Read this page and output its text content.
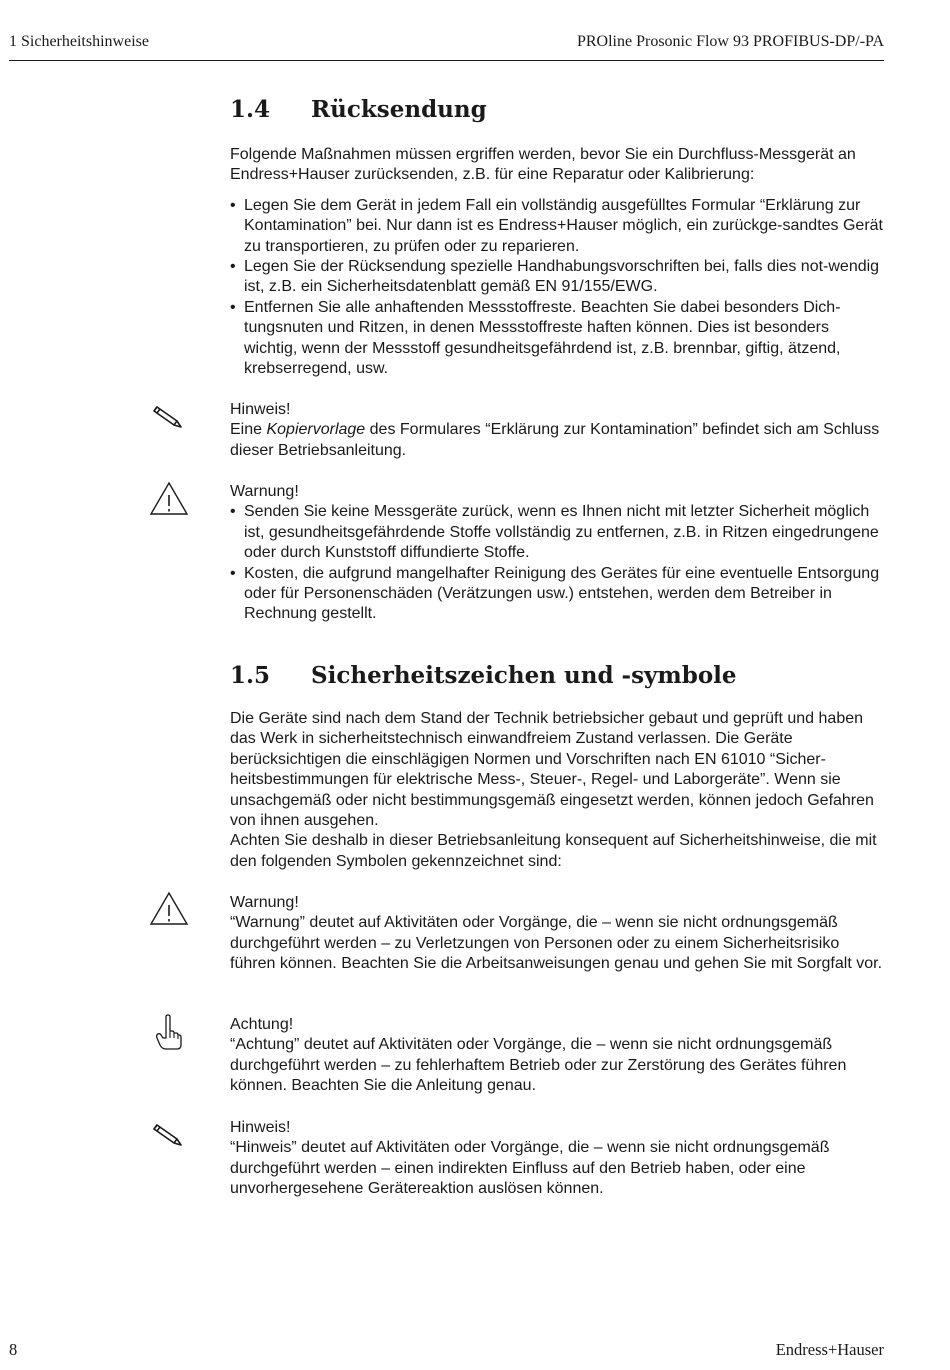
1 Sicherheitshinweise	PROline Prosonic Flow 93 PROFIBUS-DP/-PA
1.4 Rücksendung

Folgende Maßnahmen müssen ergriffen werden, bevor Sie ein Durchfluss-Messgerät an Endress+Hauser zurücksenden, z.B. für eine Reparatur oder Kalibrierung:

• Legen Sie dem Gerät in jedem Fall ein vollständig ausgefülltes Formular “Erklärung zur Kontamination” bei. Nur dann ist es Endress+Hauser möglich, ein zurückge-sandtes Gerät zu transportieren, zu prüfen oder zu reparieren.
• Legen Sie der Rücksendung spezielle Handhabungsvorschriften bei, falls dies not-wendig ist, z.B. ein Sicherheitsdatenblatt gemäß EN 91/155/EWG.
• Entfernen Sie alle anhaftenden Messstoffreste. Beachten Sie dabei besonders Dich-tungsnuten und Ritzen, in denen Messstoffreste haften können. Dies ist besonders wichtig, wenn der Messstoff gesundheitsgefährdend ist, z.B. brennbar, giftig, ätzend, krebserregend, usw.

Hinweis!

Eine Kopiervorlage des Formulares “Erklärung zur Kontamination” befindet sich am Schluss dieser Betriebsanleitung.

Warnung!

• Senden Sie keine Messgeräte zurück, wenn es Ihnen nicht mit letzter Sicherheit möglich ist, gesundheitsgefährdende Stoffe vollständig zu entfernen, z.B. in Ritzen eingedrungene oder durch Kunststoff diffundierte Stoffe.
• Kosten, die aufgrund mangelhafter Reinigung des Gerätes für eine eventuelle Entsorgung oder für Personenschäden (Verätzungen usw.) entstehen, werden dem Betreiber in Rechnung gestellt.
1.5 Sicherheitszeichen und -symbole

Die Geräte sind nach dem Stand der Technik betriebsicher gebaut und geprüft und haben das Werk in sicherheitstechnisch einwandfreiem Zustand verlassen. Die Geräte berücksichtigen die einschlägigen Normen und Vorschriften nach EN 61010 “Sicher-heitsbestimmungen für elektrische Mess-, Steuer-, Regel- und Laborgeräte”. Wenn sie unsachgemäß oder nicht bestimmungsgemäß eingesetzt werden, können jedoch Gefahren von ihnen ausgehen.

Achten Sie deshalb in dieser Betriebsanleitung konsequent auf Sicherheitshinweise, die mit den folgenden Symbolen gekennzeichnet sind:

Warnung!

“Warnung” deutet auf Aktivitäten oder Vorgänge, die – wenn sie nicht ordnungsgemäß durchgeführt werden – zu Verletzungen von Personen oder zu einem Sicherheitsrisiko führen können. Beachten Sie die Arbeitsanweisungen genau und gehen Sie mit Sorgfalt vor.

Achtung!

“Achtung” deutet auf Aktivitäten oder Vorgänge, die – wenn sie nicht ordnungsgemäß durchgeführt werden – zu fehlerhaftem Betrieb oder zur Zerstörung des Gerätes führen können. Beachten Sie die Anleitung genau.

Hinweis!

“Hinweis” deutet auf Aktivitäten oder Vorgänge, die – wenn sie nicht ordnungsgemäß durchgeführt werden – einen indirekten Einfluss auf den Betrieb haben, oder eine unvorhergesehene Gerätereaktion auslösen können.

8	Endress+Hauser
